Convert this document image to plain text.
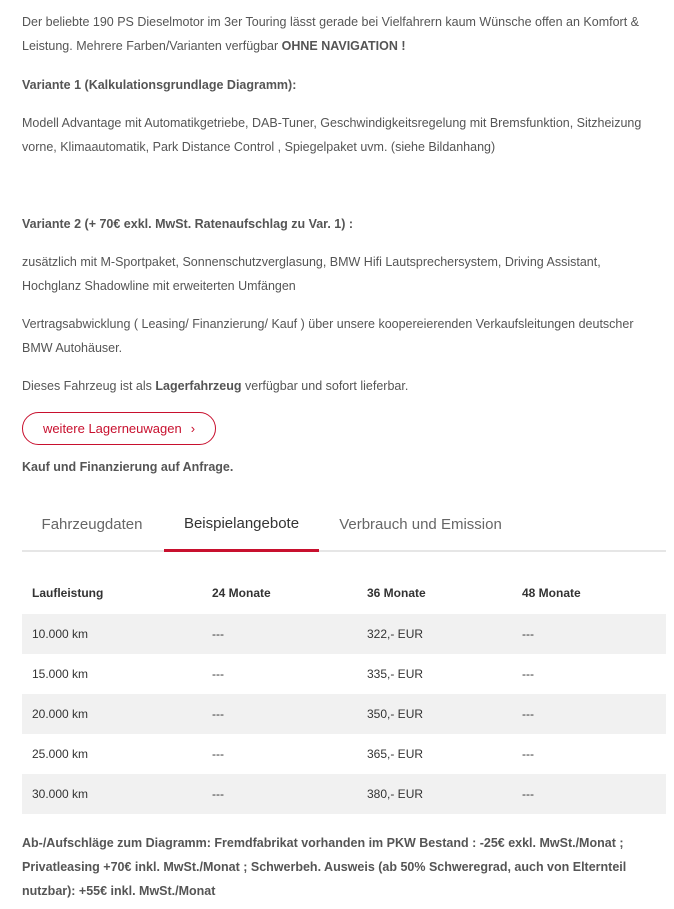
Der beliebte 190 PS Dieselmotor im 3er Touring lässt gerade bei Vielfahrern kaum Wünsche offen an Komfort & Leistung. Mehrere Farben/Varianten verfügbar OHNE NAVIGATION !

Variante 1 (Kalkulationsgrundlage Diagramm):

Modell Advantage mit Automatikgetriebe, DAB-Tuner, Geschwindigkeitsregelung mit Bremsfunktion, Sitzheizung vorne, Klimaautomatik, Park Distance Control , Spiegelpaket uvm. (siehe Bildanhang)

Variante 2 (+ 70€ exkl. MwSt. Ratenaufschlag zu Var. 1) :

zusätzlich mit M-Sportpaket, Sonnenschutzverglasung, BMW Hifi Lautsprechersystem, Driving Assistant, Hochglanz Shadowline mit erweiterten Umfängen

Vertragsabwicklung ( Leasing/ Finanzierung/ Kauf ) über unsere koopereierenden Verkaufsleitungen deutscher BMW Autohäuser.

Dieses Fahrzeug ist als Lagerfahrzeug verfügbar und sofort lieferbar.

weitere Lagerneuwagen ›

Kauf und Finanzierung auf Anfrage.

Fahrzeugdaten	Beispielangebote	Verbrauch und Emission
Laufleistung	24 Monate	36 Monate	48 Monate
10.000 km	---	322,- EUR	---
15.000 km	---	335,- EUR	---
20.000 km	---	350,- EUR	---
25.000 km	---	365,- EUR	---
30.000 km	---	380,- EUR	---

Ab-/Aufschläge zum Diagramm: Fremdfabrikat vorhanden im PKW Bestand : -25€ exkl. MwSt./Monat ; Privatleasing +70€ inkl. MwSt./Monat ; Schwerbeh. Ausweis (ab 50% Schweregrad, auch von Elternteil nutzbar): +55€ inkl. MwSt./Monat
